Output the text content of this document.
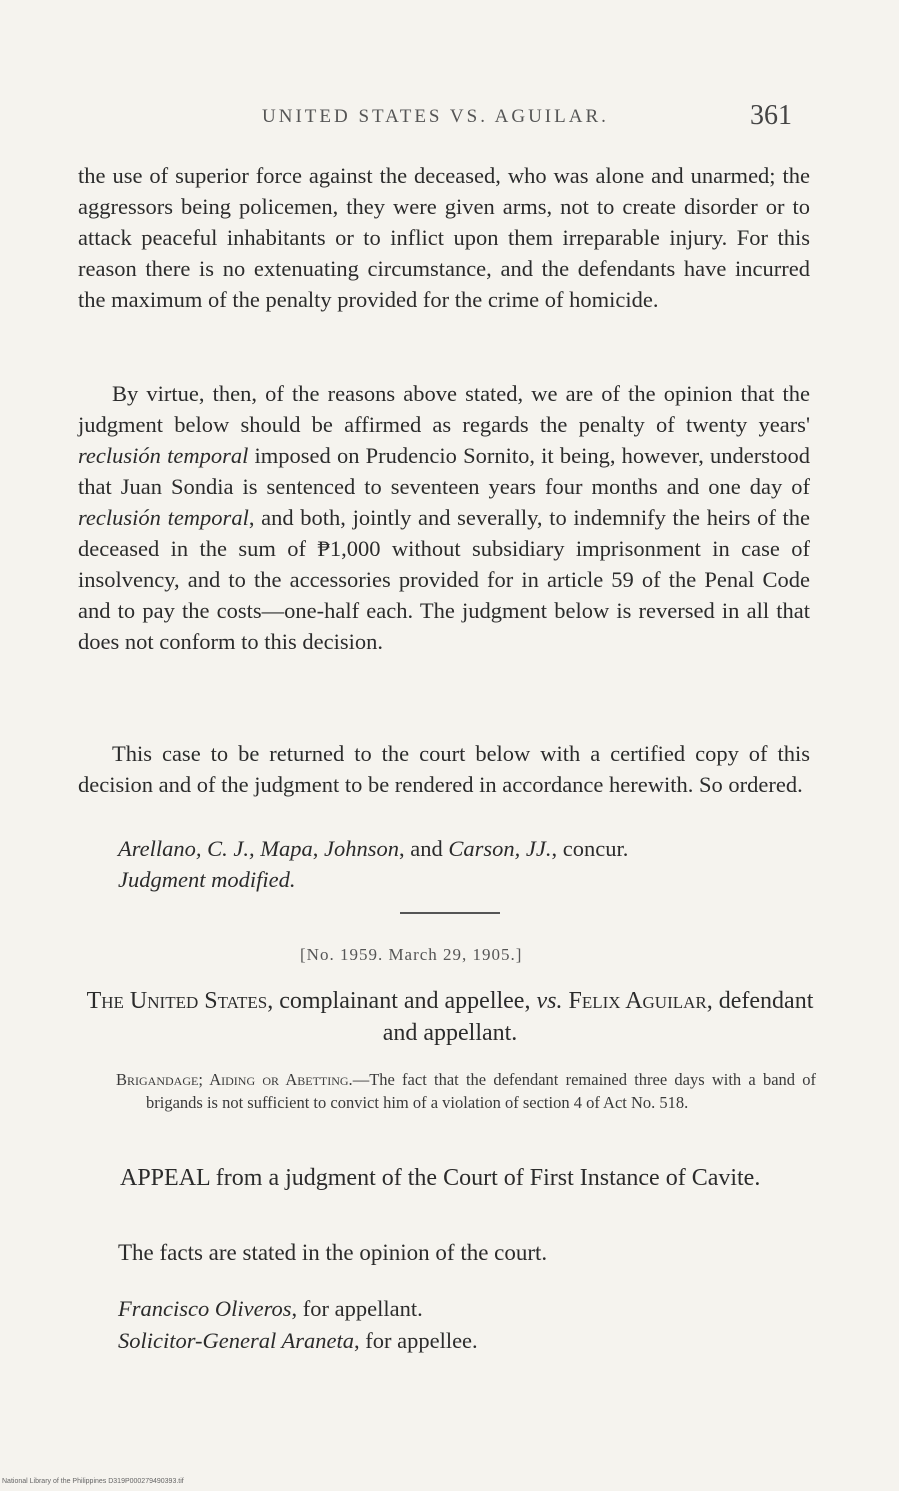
UNITED STATES VS. AGUILAR.	361

the use of superior force against the deceased, who was alone and unarmed; the aggressors being policemen, they were given arms, not to create disorder or to attack peaceful inhabitants or to inflict upon them irreparable injury. For this reason there is no extenuating circumstance, and the defendants have incurred the maximum of the penalty provided for the crime of homicide.

By virtue, then, of the reasons above stated, we are of the opinion that the judgment below should be affirmed as regards the penalty of twenty years' reclusión temporal imposed on Prudencio Sornito, it being, however, understood that Juan Sondia is sentenced to seventeen years four months and one day of reclusión temporal, and both, jointly and severally, to indemnify the heirs of the deceased in the sum of ₱1,000 without subsidiary imprisonment in case of insolvency, and to the accessories provided for in article 59 of the Penal Code and to pay the costs—one-half each. The judgment below is reversed in all that does not conform to this decision.

This case to be returned to the court below with a certified copy of this decision and of the judgment to be rendered in accordance herewith. So ordered.

Arellano, C. J., Mapa, Johnson, and Carson, JJ., concur.

Judgment modified.

[No. 1959. March 29, 1905.]
The United States, complainant and appellee, vs. Felix Aguilar, defendant and appellant.
Brigandage; Aiding or Abetting.—The fact that the defendant remained three days with a band of brigands is not sufficient to convict him of a violation of section 4 of Act No. 518.
APPEAL from a judgment of the Court of First Instance of Cavite.
The facts are stated in the opinion of the court.

Francisco Oliveros, for appellant.

Solicitor-General Araneta, for appellee.

National Library of the Philippines D319P000279490393.tif
